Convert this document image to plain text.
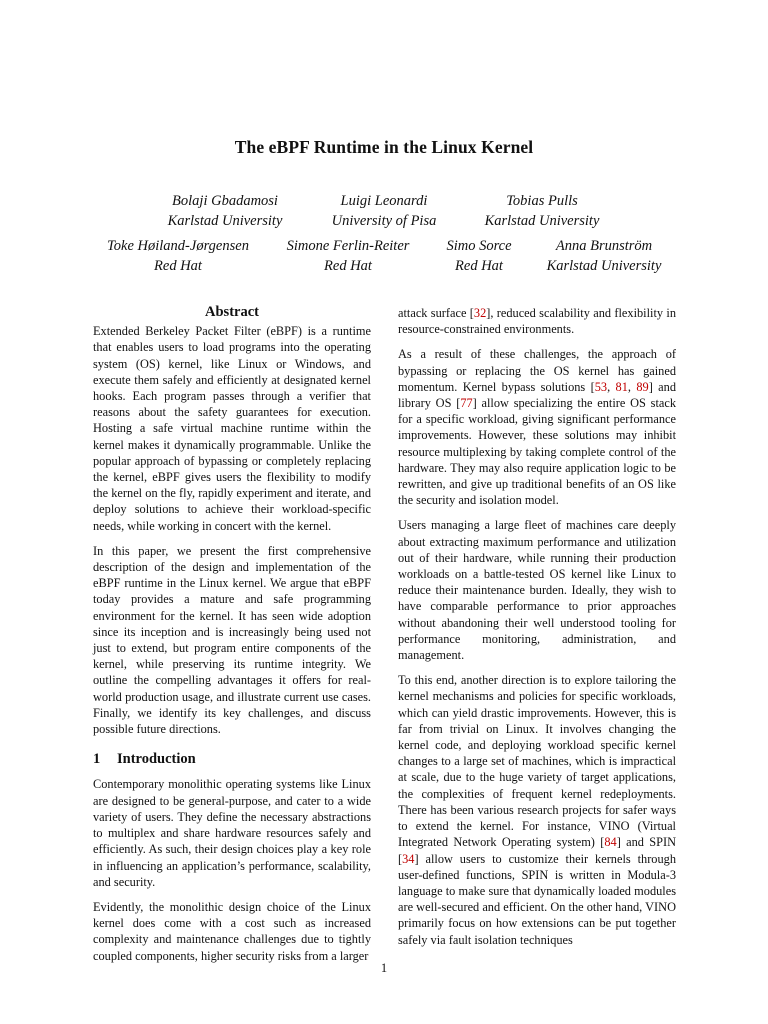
The eBPF Runtime in the Linux Kernel
Bolaji Gbadamosi
Karlstad University
Luigi Leonardi
University of Pisa
Tobias Pulls
Karlstad University
Toke Høiland-Jørgensen
Red Hat
Simone Ferlin-Reiter
Red Hat
Simo Sorce
Red Hat
Anna Brunström
Karlstad University
Abstract

Extended Berkeley Packet Filter (eBPF) is a runtime that enables users to load programs into the operating system (OS) kernel, like Linux or Windows, and execute them safely and efficiently at designated kernel hooks. Each program passes through a verifier that reasons about the safety guarantees for execution. Hosting a safe virtual machine runtime within the kernel makes it dynamically programmable. Unlike the popular approach of bypassing or completely replacing the kernel, eBPF gives users the flexibility to modify the kernel on the fly, rapidly experiment and iterate, and deploy solutions to achieve their workload-specific needs, while working in concert with the kernel.

In this paper, we present the first comprehensive description of the design and implementation of the eBPF runtime in the Linux kernel. We argue that eBPF today provides a mature and safe programming environment for the kernel. It has seen wide adoption since its inception and is increasingly being used not just to extend, but program entire components of the kernel, while preserving its runtime integrity. We outline the compelling advantages it offers for real-world production usage, and illustrate current use cases. Finally, we identify its key challenges, and discuss possible future directions.

1 Introduction

Contemporary monolithic operating systems like Linux are designed to be general-purpose, and cater to a wide variety of users. They define the necessary abstractions to multiplex and share hardware resources safely and efficiently. As such, their design choices play a key role in influencing an application’s performance, scalability, and security.

Evidently, the monolithic design choice of the Linux kernel does come with a cost such as increased complexity and maintenance challenges due to tightly coupled components, higher security risks from a larger

attack surface [32], reduced scalability and flexibility in resource-constrained environments.

As a result of these challenges, the approach of bypassing or replacing the OS kernel has gained momentum. Kernel bypass solutions [53, 81, 89] and library OS [77] allow specializing the entire OS stack for a specific workload, giving significant performance improvements. However, these solutions may inhibit resource multiplexing by taking complete control of the hardware. They may also require application logic to be rewritten, and give up traditional benefits of an OS like the security and isolation model.

Users managing a large fleet of machines care deeply about extracting maximum performance and utilization out of their hardware, while running their production workloads on a battle-tested OS kernel like Linux to reduce their maintenance burden. Ideally, they wish to have comparable performance to prior approaches without abandoning their well understood tooling for performance monitoring, administration, and management.

To this end, another direction is to explore tailoring the kernel mechanisms and policies for specific workloads, which can yield drastic improvements. However, this is far from trivial on Linux. It involves changing the kernel code, and deploying workload specific kernel changes to a large set of machines, which is impractical at scale, due to the huge variety of target applications, the complexities of frequent kernel redeployments. There has been various research projects for safer ways to extend the kernel. For instance, VINO (Virtual Integrated Network Operating system) [84] and SPIN [34] allow users to customize their kernels through user-defined functions, SPIN is written in Modula-3 language to make sure that dynamically loaded modules are well-secured and efficient. On the other hand, VINO primarily focus on how extensions can be put together safely via fault isolation techniques

1
